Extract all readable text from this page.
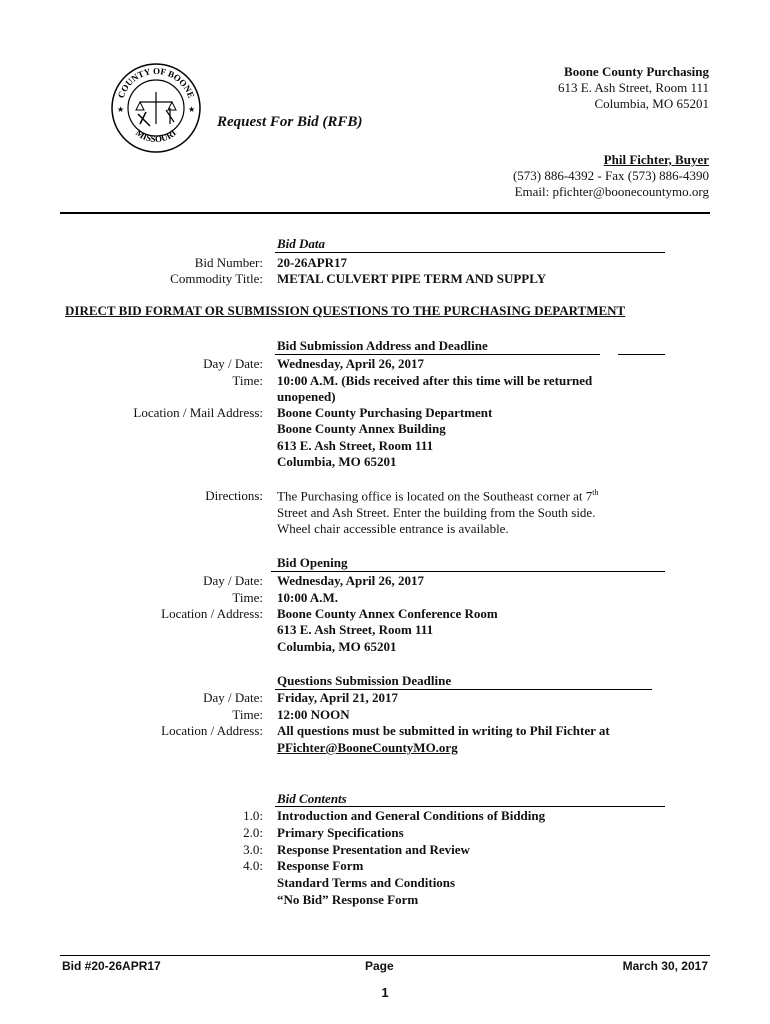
COUNTY OF BOONE
MISSOURI
★	★
Request For Bid (RFB)
Boone County Purchasing
613 E. Ash Street, Room 111
Columbia, MO 65201
Phil Fichter, Buyer
(573) 886-4392 - Fax (573) 886-4390
Email: pfichter@boonecountymo.org
Bid Data
Bid Number: 20-26APR17
Commodity Title: METAL CULVERT PIPE TERM AND SUPPLY
DIRECT BID FORMAT OR SUBMISSION QUESTIONS TO THE PURCHASING DEPARTMENT
Bid Submission Address and Deadline
Day / Date: Wednesday, April 26, 2017
Time: 10:00 A.M. (Bids received after this time will be returned
unopened)
Location / Mail Address: Boone County Purchasing Department
Boone County Annex Building
613 E. Ash Street, Room 111
Columbia, MO 65201
Directions: The Purchasing office is located on the Southeast corner at 7th
Street and Ash Street. Enter the building from the South side.
Wheel chair accessible entrance is available.
Bid Opening
Day / Date: Wednesday, April 26, 2017
Time: 10:00 A.M.
Location / Address: Boone County Annex Conference Room
613 E. Ash Street, Room 111
Columbia, MO 65201
Questions Submission Deadline
Day / Date: Friday, April 21, 2017
Time: 12:00 NOON
Location / Address: All questions must be submitted in writing to Phil Fichter at
PFichter@BooneCountyMO.org
Bid Contents
1.0: Introduction and General Conditions of Bidding
2.0: Primary Specifications
3.0: Response Presentation and Review
4.0: Response Form
Standard Terms and Conditions
“No Bid” Response Form
Bid #20-26APR17	Page	March 30, 2017
1
